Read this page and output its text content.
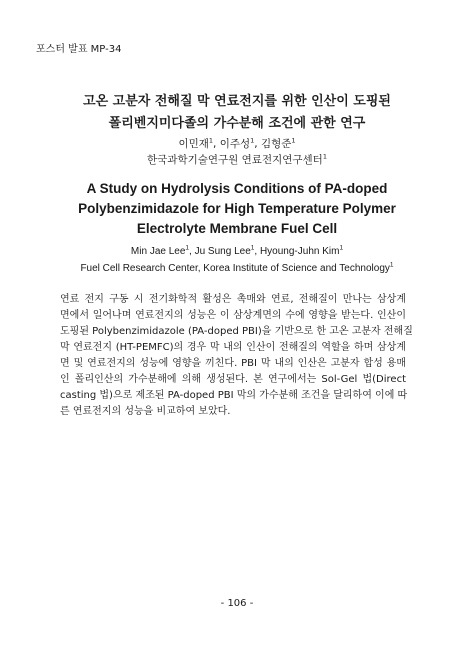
포스터 발표 MP-34
고온 고분자 전해질 막 연료전지를 위한 인산이 도핑된
폴리벤지미다졸의 가수분해 조건에 관한 연구
이민재$^1$, 이주성$^1$, 김형준$^1$
한국과학기술연구원 연료전지연구센터$^1$
A Study on Hydrolysis Conditions of PA-doped
Polybenzimidazole for High Temperature Polymer
Electrolyte Membrane Fuel Cell
Min Jae Lee$^1$, Ju Sung Lee$^1$, Hyoung-Juhn Kim$^1$
Fuel Cell Research Center, Korea Institute of Science and Technology$^1$
연료 전지 구동 시 전기화학적 활성은 촉매와 연료, 전해질이 만나는 삼상계
면에서 일어나며 연료전지의 성능은 이 삼상계면의 수에 영향을 받는다. 인산이
도핑된 Polybenzimidazole (PA-doped PBI)을 기반으로 한 고온 고분자 전해질
막 연료전지 (HT-PEMFC)의 경우 막 내의 인산이 전해질의 역할을 하며 삼상계
면 및 연료전지의 성능에 영향을 끼친다. PBI 막 내의 인산은 고분자 합성 용매
인 폴리인산의 가수분해에 의해 생성된다. 본 연구에서는 Sol-Gel 법(Direct
casting 법)으로 제조된 PA-doped PBI 막의 가수분해 조건을 달리하여 이에 따
른 연료전지의 성능을 비교하여 보았다.
- 106 -
